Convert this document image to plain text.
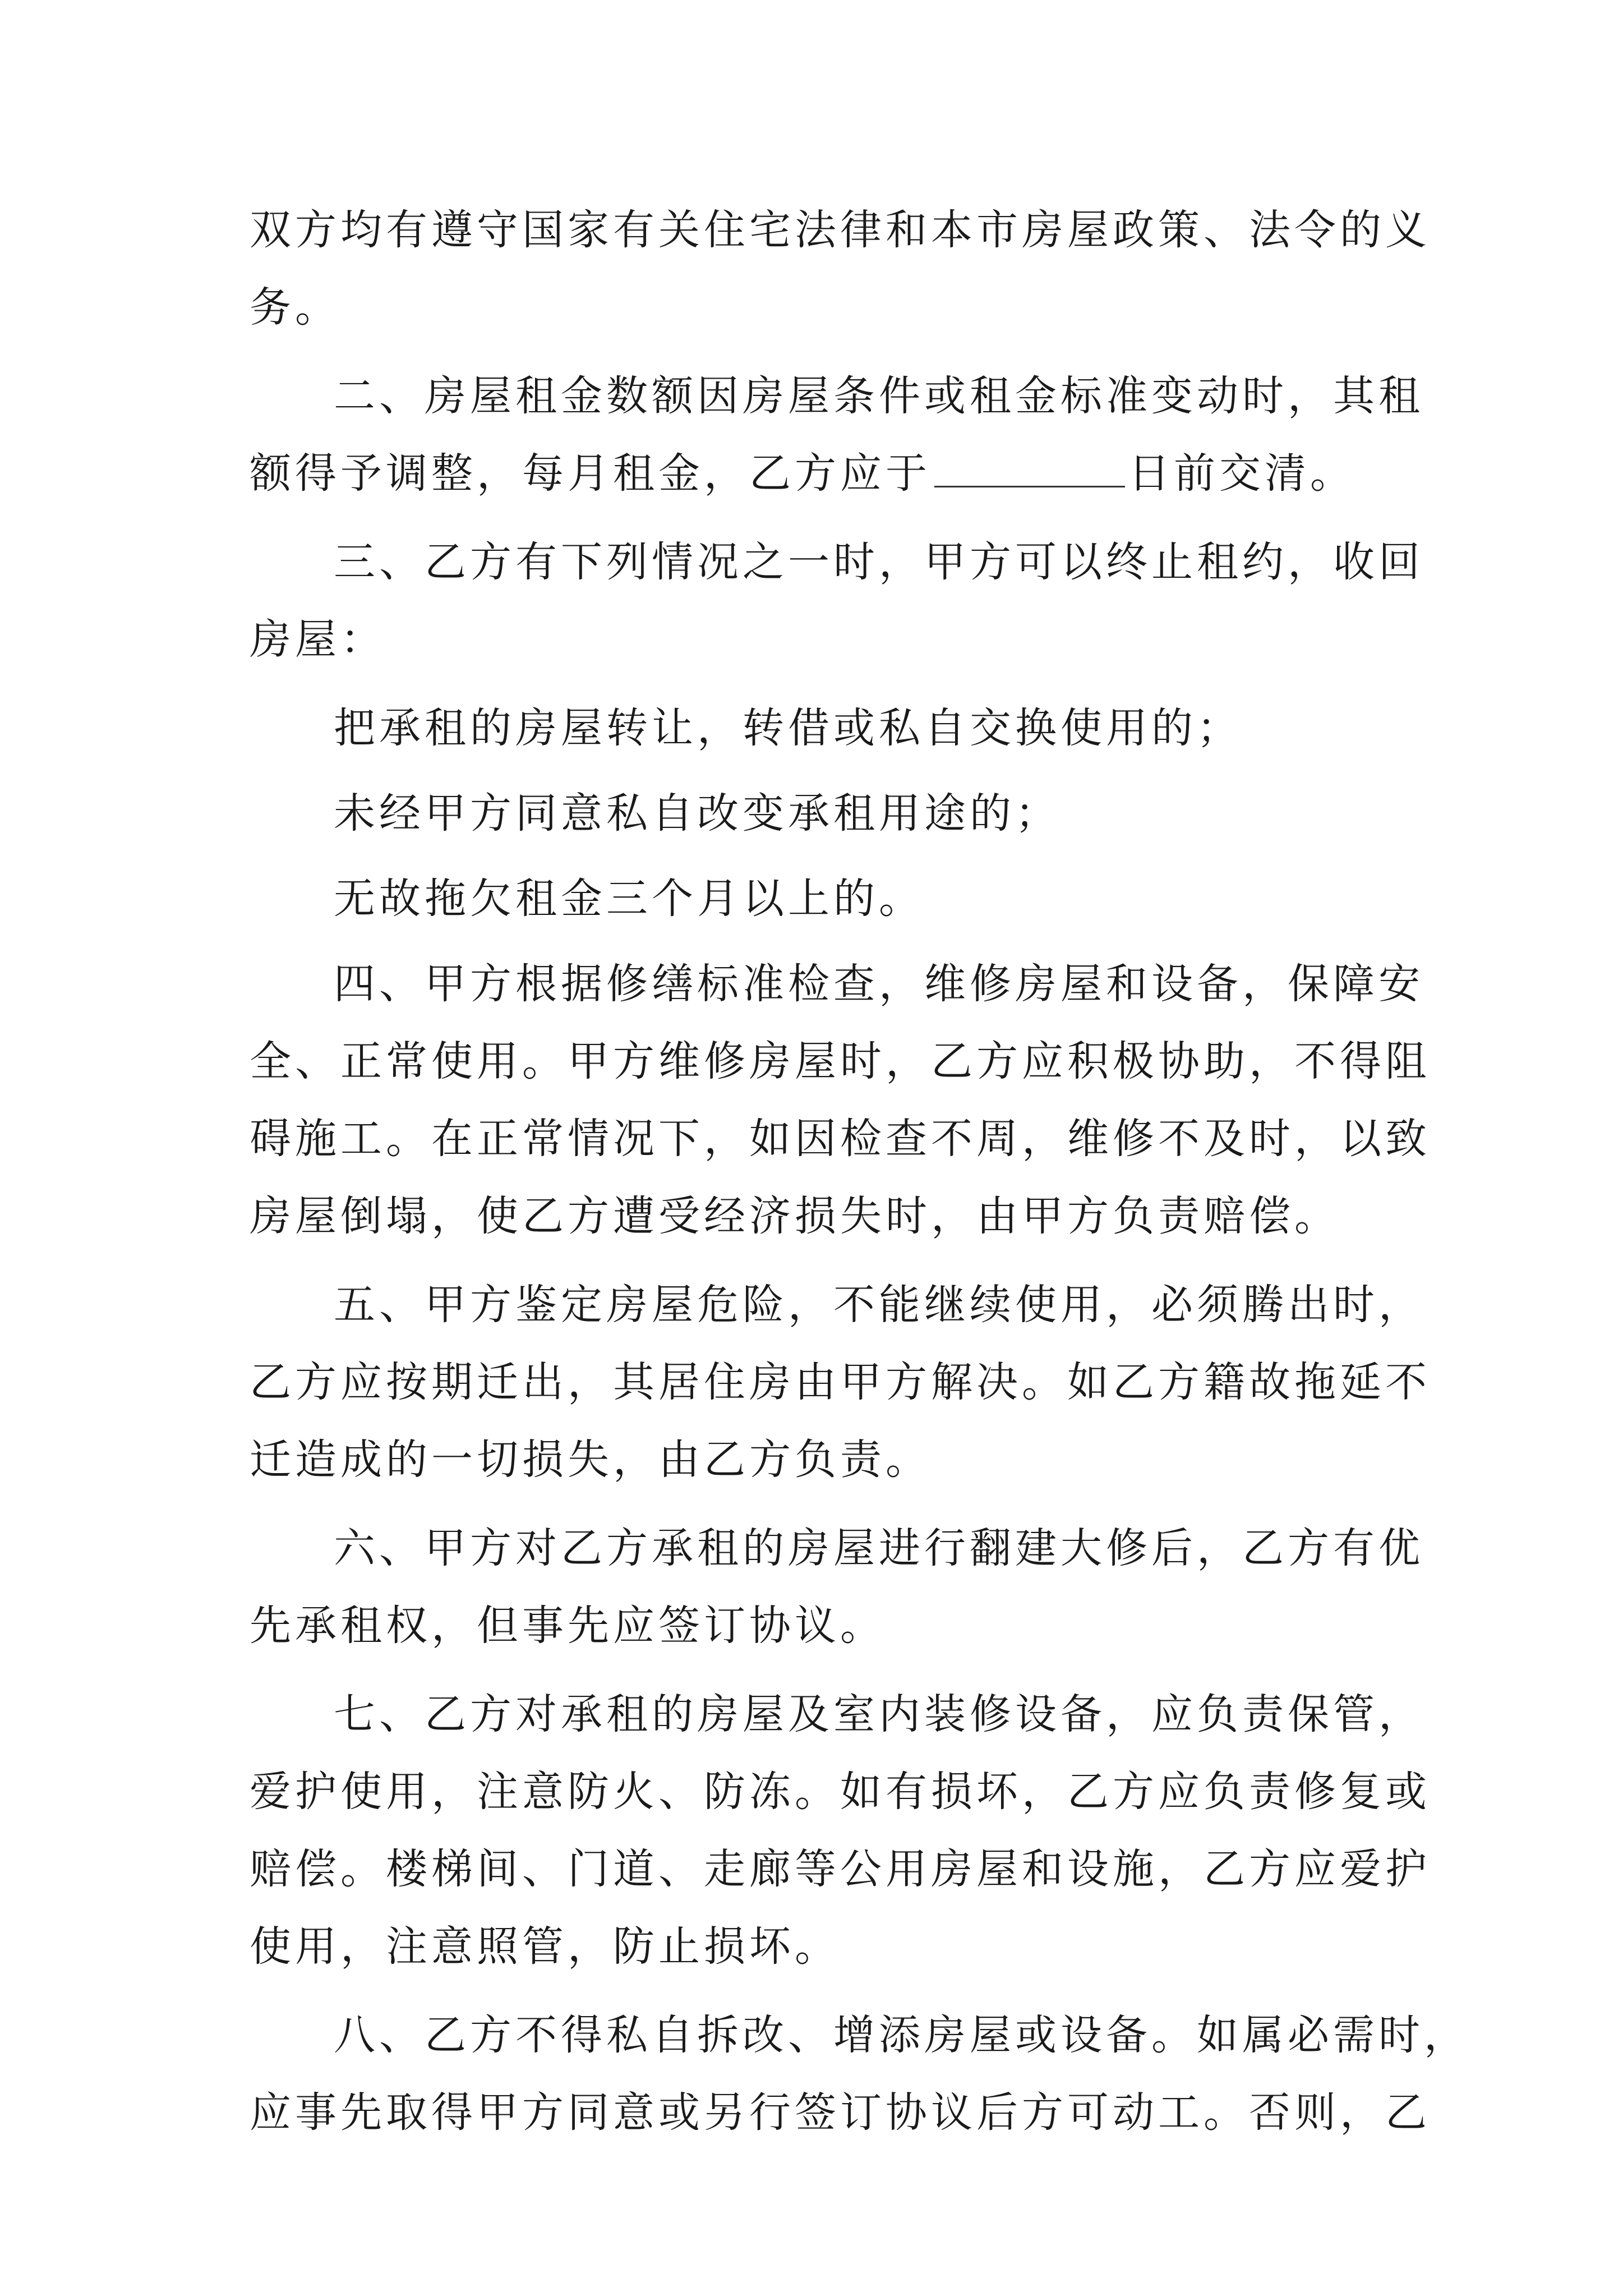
双方均有遵守国家有关住宅法律和本市房屋政策、法令的义
务。
二、房屋租金数额因房屋条件或租金标准变动时，其租
额得予调整，每月租金，乙方应于	日前交清。
三、乙方有下列情况之一时，甲方可以终止租约，收回
房屋：
把承租的房屋转让，转借或私自交换使用的；
未经甲方同意私自改变承租用途的；
无故拖欠租金三个月以上的。
四、甲方根据修缮标准检查，维修房屋和设备，保障安
全、正常使用。甲方维修房屋时，乙方应积极协助，不得阻
碍施工。在正常情况下，如因检查不周，维修不及时，以致
房屋倒塌，使乙方遭受经济损失时，由甲方负责赔偿。
五、甲方鉴定房屋危险，不能继续使用，必须腾出时，
乙方应按期迁出，其居住房由甲方解决。如乙方籍故拖延不
迁造成的一切损失，由乙方负责。
六、甲方对乙方承租的房屋进行翻建大修后，乙方有优
先承租权，但事先应签订协议。
七、乙方对承租的房屋及室内装修设备，应负责保管，
爱护使用，注意防火、防冻。如有损坏，乙方应负责修复或
赔偿。楼梯间、门道、走廊等公用房屋和设施，乙方应爱护
使用，注意照管，防止损坏。
八、乙方不得私自拆改、增添房屋或设备。如属必需时，
应事先取得甲方同意或另行签订协议后方可动工。否则，乙
